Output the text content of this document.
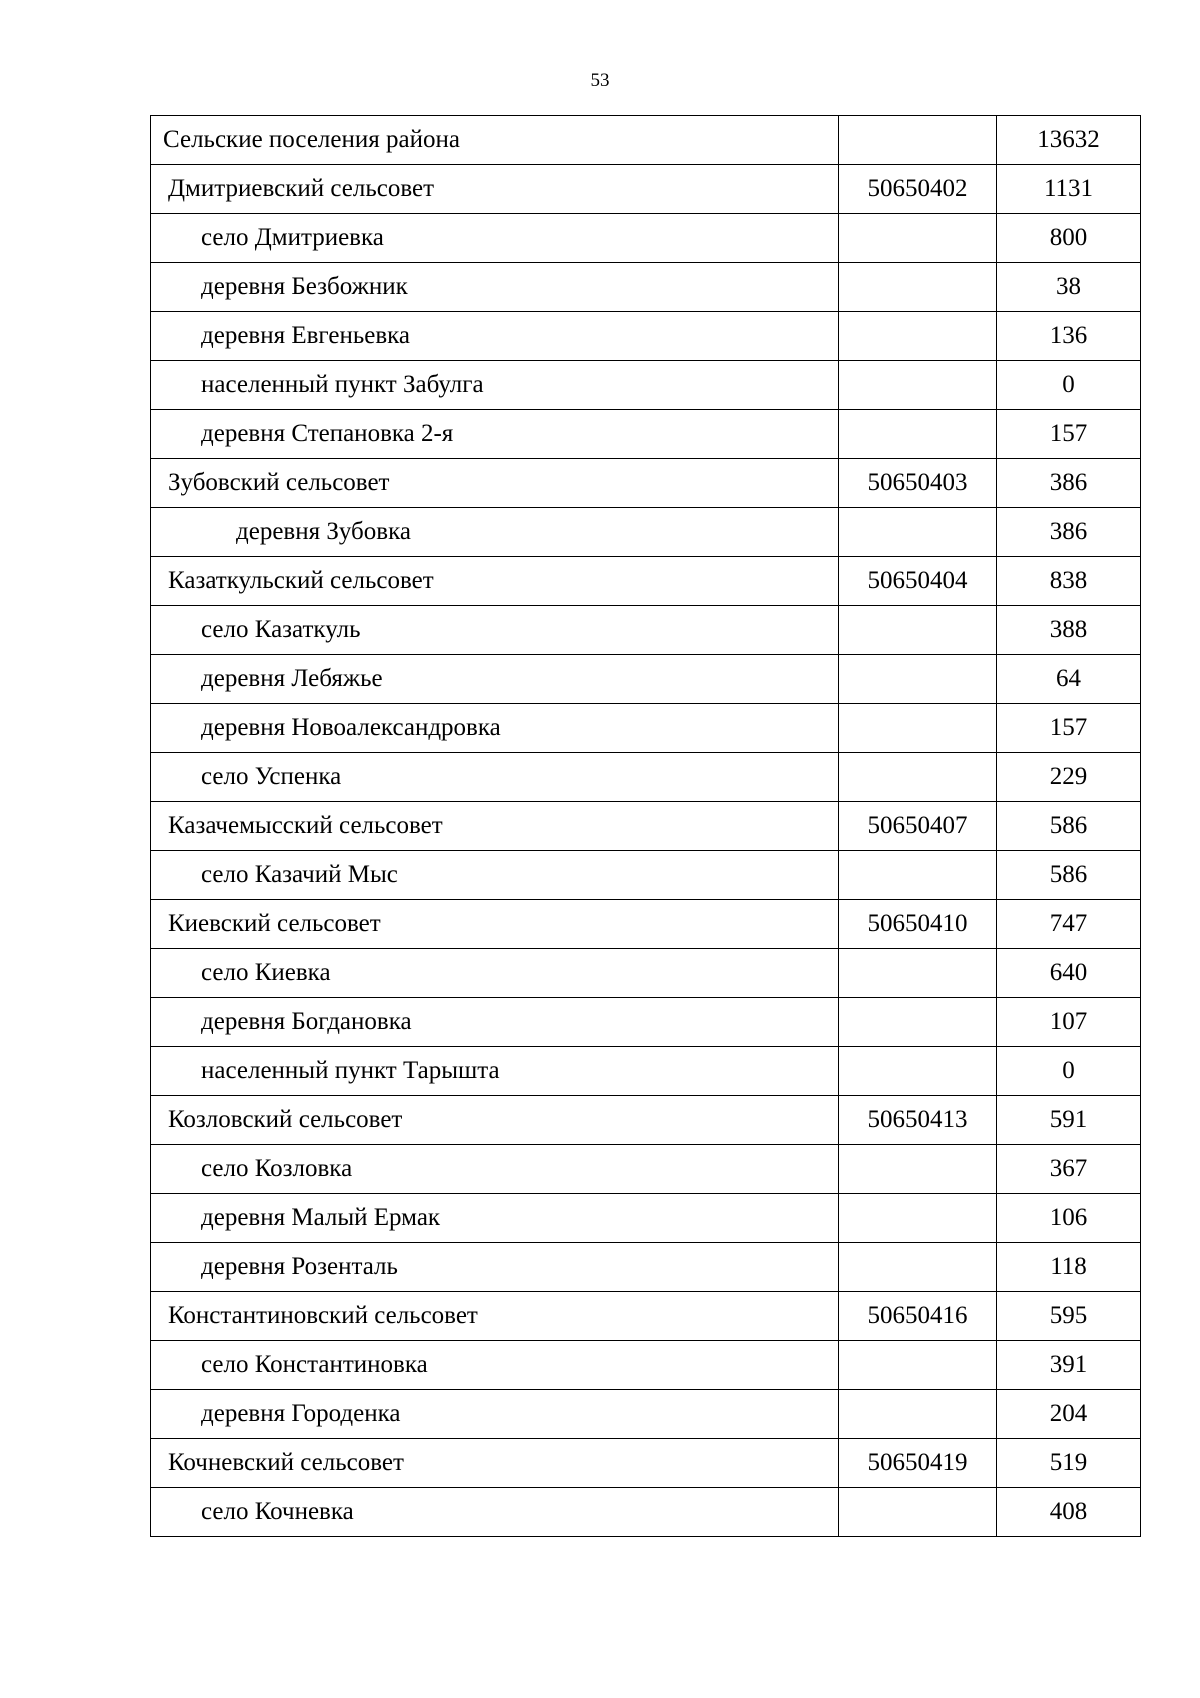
53
Сельские поселения района		13632
Дмитриевский сельсовет	50650402	1131
село Дмитриевка		800
деревня Безбожник		38
деревня Евгеньевка		136
населенный пункт Забулга		0
деревня Степановка 2-я		157
Зубовский сельсовет	50650403	386
деревня Зубовка		386
Казаткульский сельсовет	50650404	838
село Казаткуль		388
деревня Лебяжье		64
деревня Новоалександровка		157
село Успенка		229
Казачемысский сельсовет	50650407	586
село Казачий Мыс		586
Киевский сельсовет	50650410	747
село Киевка		640
деревня Богдановка		107
населенный пункт Тарышта		0
Козловский сельсовет	50650413	591
село Козловка		367
деревня Малый Ермак		106
деревня Розенталь		118
Константиновский сельсовет	50650416	595
село Константиновка		391
деревня Городенка		204
Кочневский сельсовет	50650419	519
село Кочневка		408
